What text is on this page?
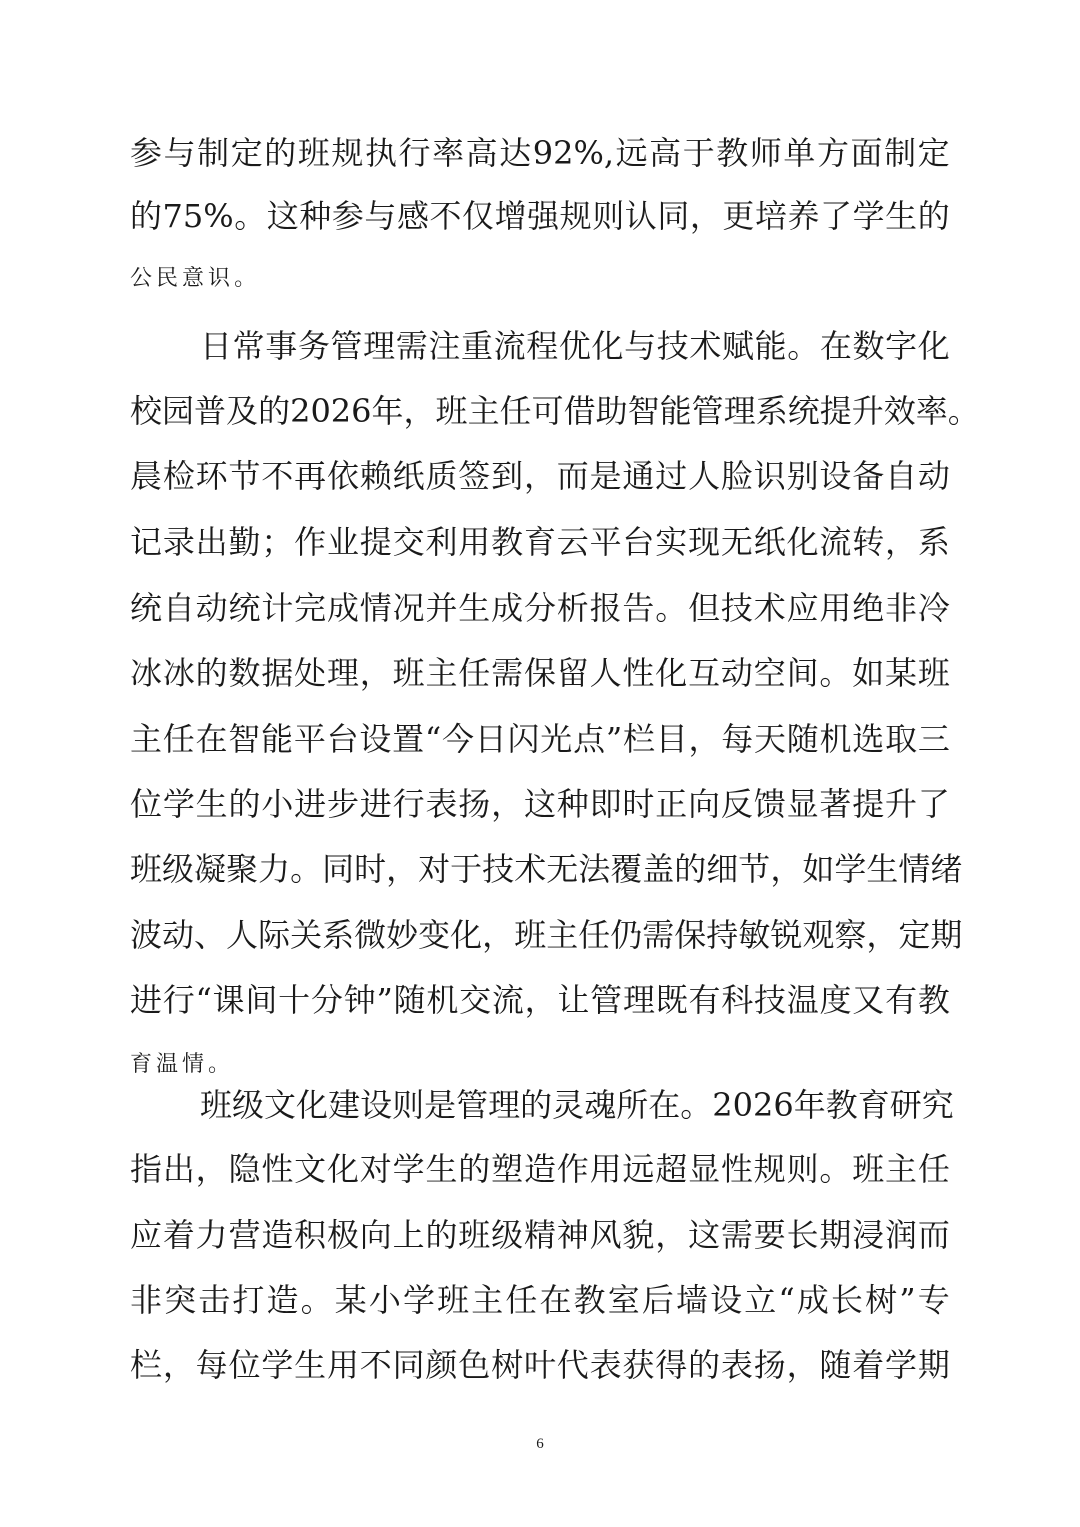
参 与 制 定 的 班 规 执 行 率 高 达 92%, 远 高 于 教 师 单 方 面 制 定
的 75% 。 这 种 参 与 感 不 仅 增 强 规 则 认 同 ， 更 培 养 了 学 生 的
公 民 意 识 。
日 常 事 务 管 理 需 注 重 流 程 优 化 与 技 术 赋 能 。 在 数 字 化
校 园 普 及 的 2026 年 ， 班 主 任 可 借 助 智 能 管 理 系 统 提 升 效 率 。
晨 检 环 节 不 再 依 赖 纸 质 签 到 ， 而 是 通 过 人 脸 识 别 设 备 自 动
记 录 出 勤 ； 作 业 提 交 利 用 教 育 云 平 台 实 现 无 纸 化 流 转 ， 系
统 自 动 统 计 完 成 情 况 并 生 成 分 析 报 告 。 但 技 术 应 用 绝 非 冷
冰 冰 的 数 据 处 理 ， 班 主 任 需 保 留 人 性 化 互 动 空 间 。 如 某 班
主 任 在 智 能 平 台 设 置 “ 今 日 闪 光 点 ” 栏 目 ， 每 天 随 机 选 取 三
位 学 生 的 小 进 步 进 行 表 扬 ， 这 种 即 时 正 向 反 馈 显 著 提 升 了
班 级 凝 聚 力 。 同 时 ， 对 于 技 术 无 法 覆 盖 的 细 节 ， 如 学 生 情 绪
波 动 、 人 际 关 系 微 妙 变 化 ， 班 主 任 仍 需 保 持 敏 锐 观 察 ， 定 期
进 行 “ 课 间 十 分 钟 ” 随 机 交 流 ， 让 管 理 既 有 科 技 温 度 又 有 教
育 温 情 。
班 级 文 化 建 设 则 是 管 理 的 灵 魂 所 在 。 2026 年 教 育 研 究
指 出 ， 隐 性 文 化 对 学 生 的 塑 造 作 用 远 超 显 性 规 则 。 班 主 任
应 着 力 营 造 积 极 向 上 的 班 级 精 神 风 貌 ， 这 需 要 长 期 浸 润 而
非 突 击 打 造 。 某 小 学 班 主 任 在 教 室 后 墙 设 立 “ 成 长 树 ” 专
栏 ， 每 位 学 生 用 不 同 颜 色 树 叶 代 表 获 得 的 表 扬 ， 随 着 学 期
6
